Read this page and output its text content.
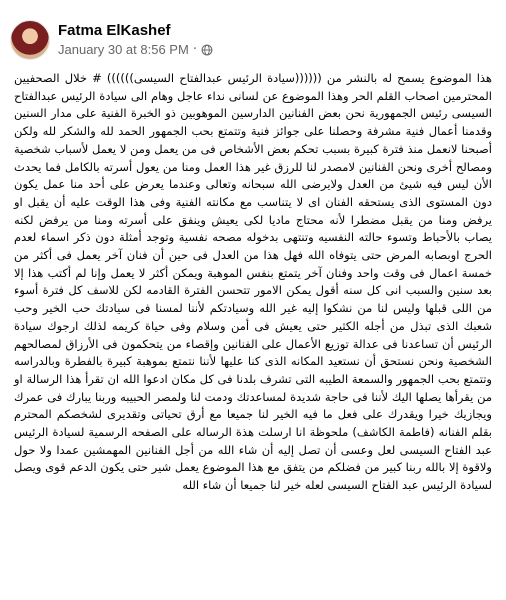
Fatma ElKashef
January 30 at 8:56 PM ·

هذا الموضوع يسمح له بالنشر من ((((((سيادة الرئيس عبدالفتاح السيسى)))))) # خلال الصحفيين المحترمين اصحاب القلم الحر وهذا الموضوع عن لسانى نداء عاجل وهام الى سيادة الرئيس عبدالفتاح السيسى رئيس الجمهورية نحن بعض الفنانين الدارسين الموهوبين ذو الخبرة الفنية على مدار السنين وقدمنا أعمال فنية مشرفة وحصلنا على جوائز فنية وتتمتع بحب الجمهور الحمد لله والشكر لله ولكن أصبحنا لانعمل منذ فترة كبيرة بسبب تحكم بعض الأشخاص فى من يعمل ومن لا يعمل لأسباب شخصية ومصالح أخرى ونحن الفنانين لامصدر لنا للرزق غير هذا العمل ومنا من يعول أسرته بالكامل فما يحدث الأن ليس فيه شيئ من العدل ولايرضى الله سبحانه وتعالى وعندما يعرض على أحد منا عمل يكون دون المستوى الذى يستحقه الفنان اى لا يتناسب مع مكانته الفنية وفى هذا الوقت عليه أن يقبل او يرفض ومنا من يقبل مضطرا لأنه محتاج ماديا لكى يعيش وينفق على أسرته ومنا من يرفض لكنه يصاب بالأحباط وتسوء حالته النفسيه وتنتهى بدخوله مصحه نفسية وتوجد أمثلة دون ذكر اسماء لعدم الحرج اوبصابه المرض حتى يتوفاه الله فهل هذا من العدل فى حين أن فنان آخر يعمل فى أكثر من خمسة اعمال فى وقت واحد وفنان آخر يتمتع بنفس الموهبة ويمكن أكثر لا يعمل وإنا لم أكتب هذا إلا بعد سنين والسبب انى كل سنه أقول يمكن الامور تتحسن الفترة القادمه لكن للاسف كل فترة أسوء من اللى قبلها وليس لنا من نشكوا إليه غير الله وسيادتكم لأننا لمسنا فى سيادتك حب الخير وحب شعبك الذى تبذل من أجله الكثير حتى يعيش فى أمن وسلام وفى حياة كريمه لذلك ارجوك سيادة الرئيس أن تساعدنا فى عدالة توزيع الأعمال على الفنانين وإقصاء من يتحكمون فى الأرزاق لمصالحهم الشخصية ونحن نستحق أن نستعيد المكانه الذى كنا عليها لأننا نتمتع بموهبة كبيرة بالفطرة وبالدراسه وتتمتع بحب الجمهور والسمعة الطيبه التى تشرف بلدنا فى كل مكان ادعوا الله ان تقرأ هذا الرسالة او من يقرأها يصلها اليك لأننا فى حاجة شديدة لمساعدتك ودمت لنا ولمصر الحبيبه وربنا يبارك فى عمرك ويجازيك خيرا ويقدرك على فعل ما فيه الخير لنا جميعا مع أرق تحياتى وتقديرى لشخصكم المحترم بقلم الفنانه (فاطمة الكاشف) ملحوظة انا ارسلت هذة الرساله على الصفحه الرسمية لسيادة الرئيس عبد الفتاح السيسى لعل وعسى أن تصل إليه أن شاء الله من أجل الفنانين المهمشين عمدا ولا حول ولاقوة إلا بالله ربنا كبير من فضلكم من يتفق مع هذا الموضوع يعمل شير حتى يكون الدعم قوى ويصل لسيادة الرئيس عبد الفتاح السيسى لعله خير لنا جميعا أن شاء الله
